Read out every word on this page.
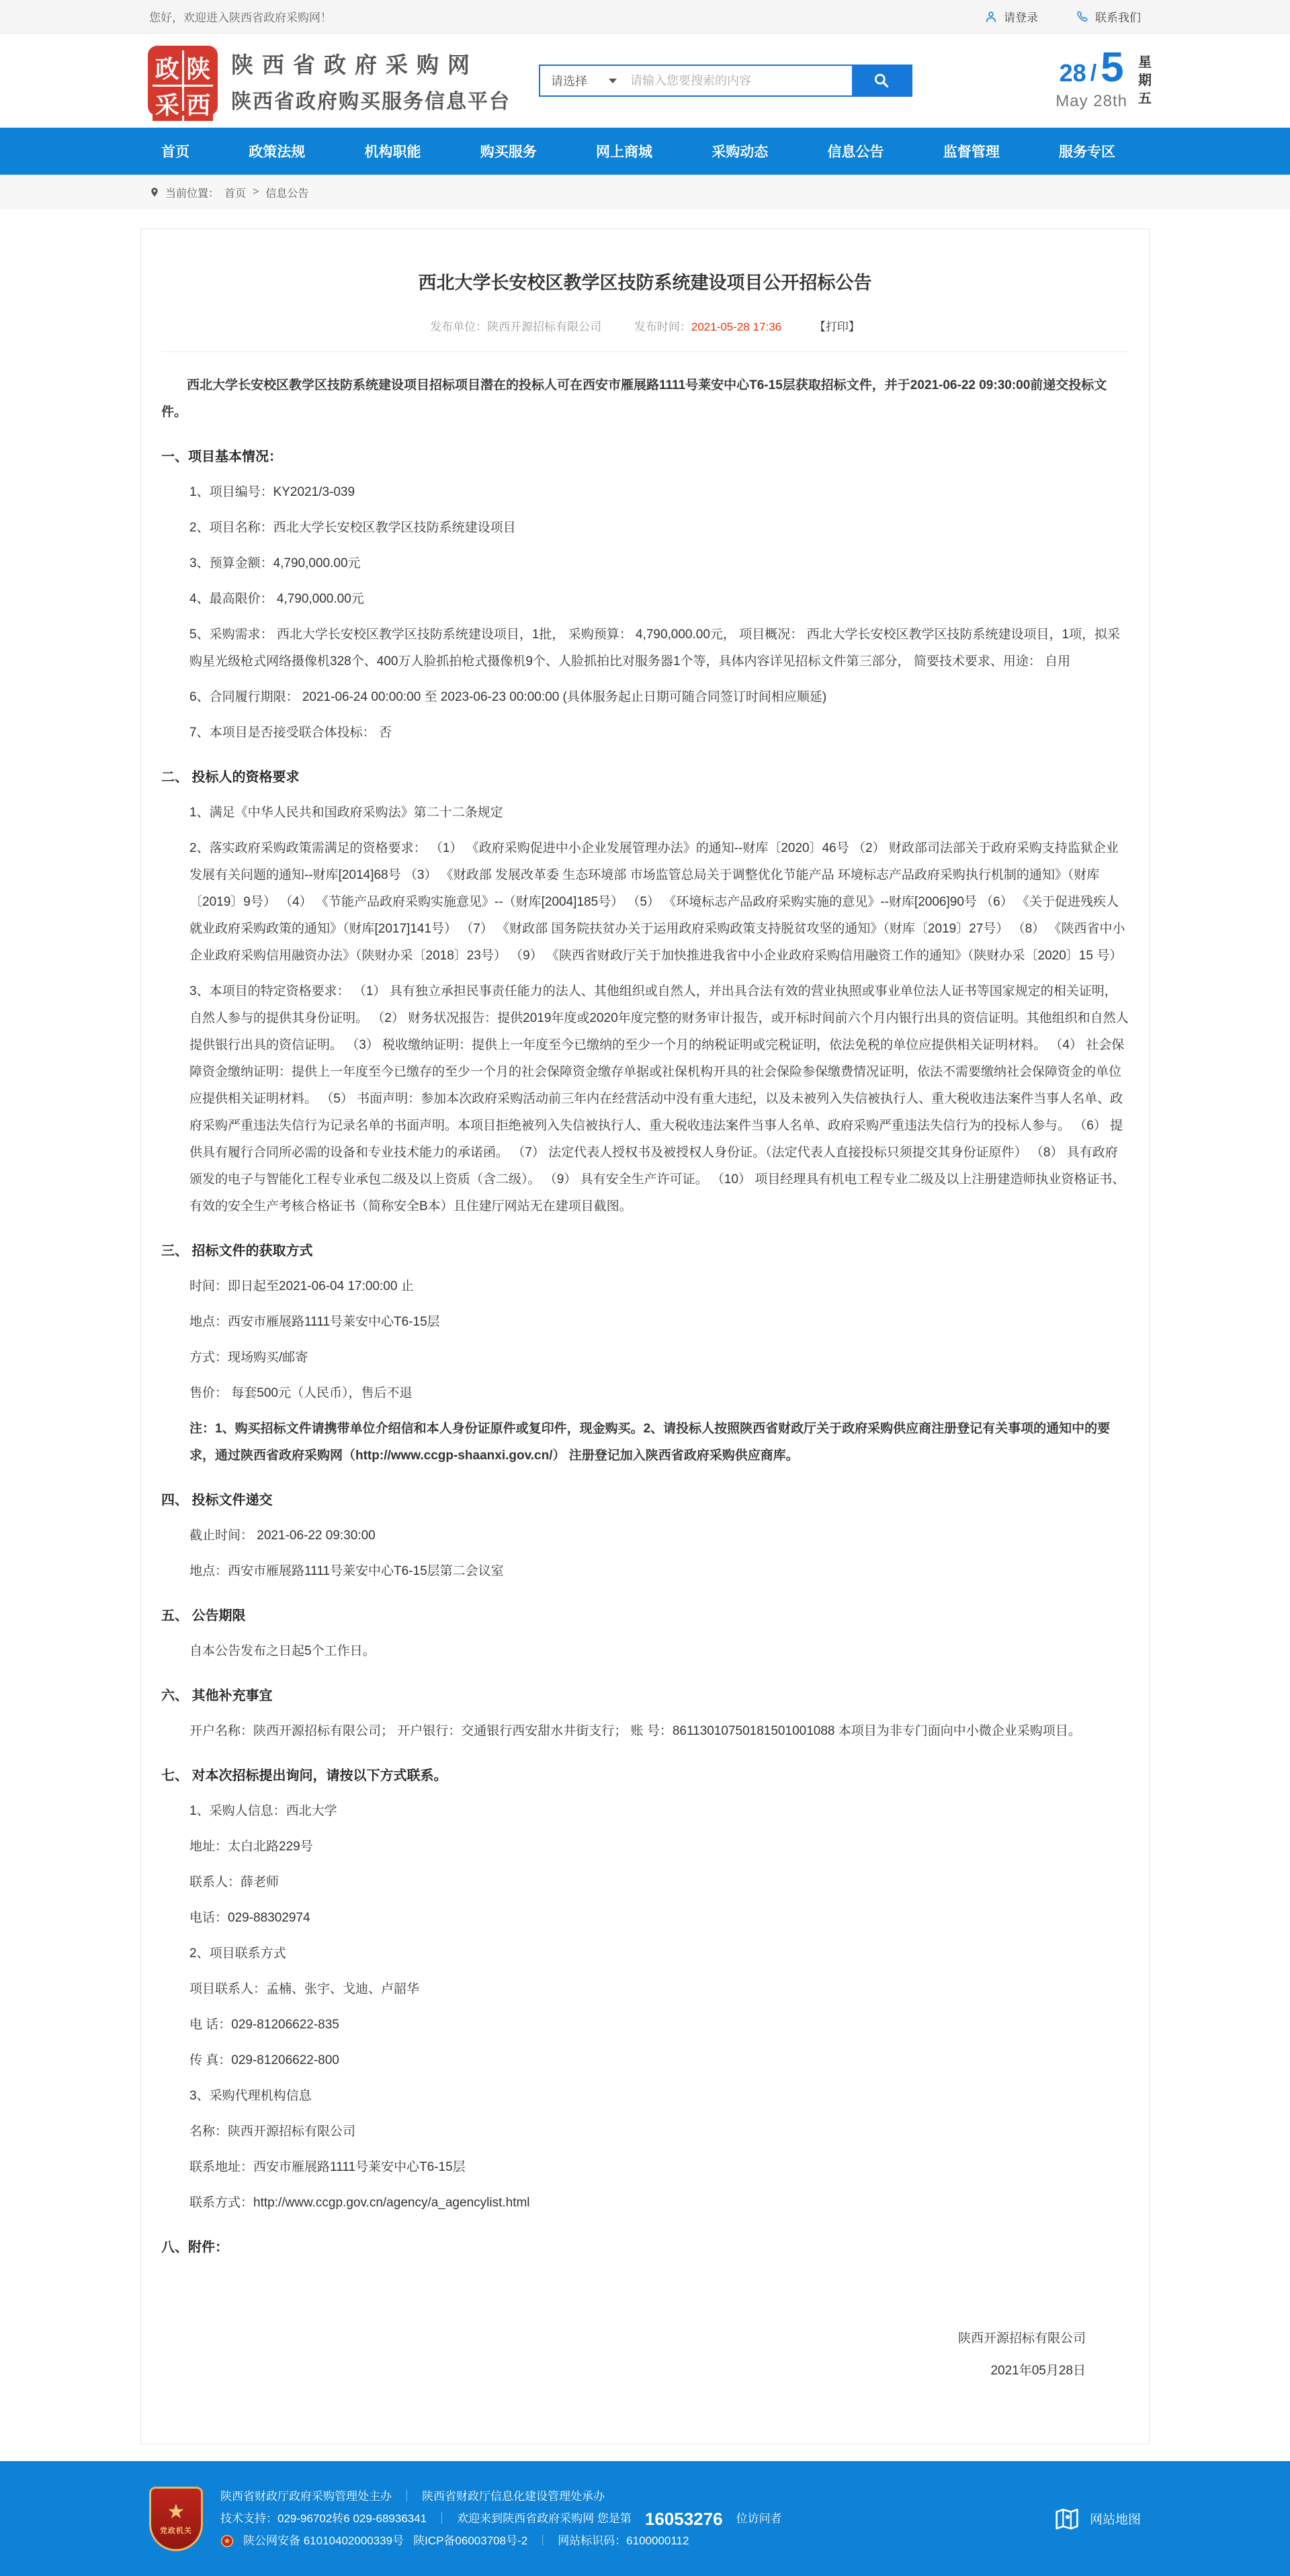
您好，欢迎进入陕西省政府采购网！	请登录	联系我们
政 陕
采 西
陕西省政府采购网
陕西省政府购买服务信息平台
请选择
请输入您要搜索的内容	28 / 5
May 28th
星期五
首页	政策法规	机构职能	购买服务	网上商城	采购动态	信息公告	监督管理	服务专区
当前位置： 首页 > 信息公告
西北大学长安校区教学区技防系统建设项目公开招标公告
发布单位：陕西开源招标有限公司	发布时间：2021-05-28 17:36	【打印】

西北大学长安校区教学区技防系统建设项目招标项目潜在的投标人可在西安市雁展路1111号莱安中心T6-15层获取招标文件，并于2021-06-22 09:30:00前递交投标文件。

一、项目基本情况：

1、项目编号：KY2021/3-039

2、项目名称：西北大学长安校区教学区技防系统建设项目

3、预算金额：4,790,000.00元

4、最高限价： 4,790,000.00元

5、采购需求： 西北大学长安校区教学区技防系统建设项目，1批， 采购预算： 4,790,000.00元， 项目概况： 西北大学长安校区教学区技防系统建设项目，1项，拟采购星光级枪式网络摄像机328个、400万人脸抓拍枪式摄像机9个、人脸抓拍比对服务器1个等，具体内容详见招标文件第三部分， 简要技术要求、用途： 自用

6、合同履行期限： 2021-06-24 00:00:00 至 2023-06-23 00:00:00 (具体服务起止日期可随合同签订时间相应顺延)

7、本项目是否接受联合体投标： 否

二、 投标人的资格要求

1、满足《中华人民共和国政府采购法》第二十二条规定

2、落实政府采购政策需满足的资格要求： （1） 《政府采购促进中小企业发展管理办法》的通知--财库〔2020〕46号 （2） 财政部司法部关于政府采购支持监狱企业发展有关问题的通知--财库[2014]68号 （3） 《财政部 发展改革委 生态环境部 市场监管总局关于调整优化节能产品 环境标志产品政府采购执行机制的通知》（财库〔2019〕9号） （4） 《节能产品政府采购实施意见》--（财库[2004]185号） （5） 《环境标志产品政府采购实施的意见》--财库[2006]90号 （6） 《关于促进残疾人就业政府采购政策的通知》（财库[2017]141号） （7） 《财政部 国务院扶贫办关于运用政府采购政策支持脱贫攻坚的通知》（财库〔2019〕27号） （8） 《陕西省中小企业政府采购信用融资办法》（陕财办采〔2018〕23号） （9） 《陕西省财政厅关于加快推进我省中小企业政府采购信用融资工作的通知》（陕财办采〔2020〕15 号）

3、本项目的特定资格要求： （1） 具有独立承担民事责任能力的法人、其他组织或自然人，并出具合法有效的营业执照或事业单位法人证书等国家规定的相关证明，自然人参与的提供其身份证明。 （2） 财务状况报告：提供2019年度或2020年度完整的财务审计报告，或开标时间前六个月内银行出具的资信证明。其他组织和自然人提供银行出具的资信证明。 （3） 税收缴纳证明：提供上一年度至今已缴纳的至少一个月的纳税证明或完税证明，依法免税的单位应提供相关证明材料。 （4） 社会保障资金缴纳证明：提供上一年度至今已缴存的至少一个月的社会保障资金缴存单据或社保机构开具的社会保险参保缴费情况证明，依法不需要缴纳社会保障资金的单位应提供相关证明材料。 （5） 书面声明：参加本次政府采购活动前三年内在经营活动中没有重大违纪，以及未被列入失信被执行人、重大税收违法案件当事人名单、政府采购严重违法失信行为记录名单的书面声明。本项目拒绝被列入失信被执行人、重大税收违法案件当事人名单、政府采购严重违法失信行为的投标人参与。 （6） 提供具有履行合同所必需的设备和专业技术能力的承诺函。 （7） 法定代表人授权书及被授权人身份证。（法定代表人直接投标只须提交其身份证原件） （8） 具有政府颁发的电子与智能化工程专业承包二级及以上资质（含二级）。 （9） 具有安全生产许可证。 （10） 项目经理具有机电工程专业二级及以上注册建造师执业资格证书、有效的安全生产考核合格证书（简称安全B本）且住建厅网站无在建项目截图。

三、 招标文件的获取方式

时间：即日起至2021-06-04 17:00:00 止

地点：西安市雁展路1111号莱安中心T6-15层

方式：现场购买/邮寄

售价： 每套500元（人民币），售后不退

注：1、购买招标文件请携带单位介绍信和本人身份证原件或复印件，现金购买。2、请投标人按照陕西省财政厅关于政府采购供应商注册登记有关事项的通知中的要求，通过陕西省政府采购网（http://www.ccgp-shaanxi.gov.cn/） 注册登记加入陕西省政府采购供应商库。

四、 投标文件递交

截止时间： 2021-06-22 09:30:00

地点：西安市雁展路1111号莱安中心T6-15层第二会议室

五、 公告期限

自本公告发布之日起5个工作日。

六、 其他补充事宜

开户名称：陕西开源招标有限公司； 开户银行：交通银行西安甜水井街支行； 账 号：86113010750181501001088 本项目为非专门面向中小微企业采购项目。

七、 对本次招标提出询问，请按以下方式联系。

1、采购人信息：西北大学

地址：太白北路229号

联系人：薛老师

电话：029-88302974

2、项目联系方式

项目联系人：孟楠、张宇、戈迪、卢韶华

电 话：029-81206622-835

传 真：029-81206622-800

3、采购代理机构信息

名称：陕西开源招标有限公司

联系地址：西安市雁展路1111号莱安中心T6-15层

联系方式：http://www.ccgp.gov.cn/agency/a_agencylist.html

八、附件：

陕西开源招标有限公司

2021年05月28日

★
党政机关
陕西省财政厅政府采购管理处主办 ｜ 陕西省财政厅信息化建设管理处承办
技术支持：029-96702转6 029-68936341 ｜ 欢迎来到陕西省政府采购网 您是第 16053276 位访问者
陕公网安备 61010402000339号 陕ICP备06003708号-2 ｜ 网站标识码：6100000112
网站地图
